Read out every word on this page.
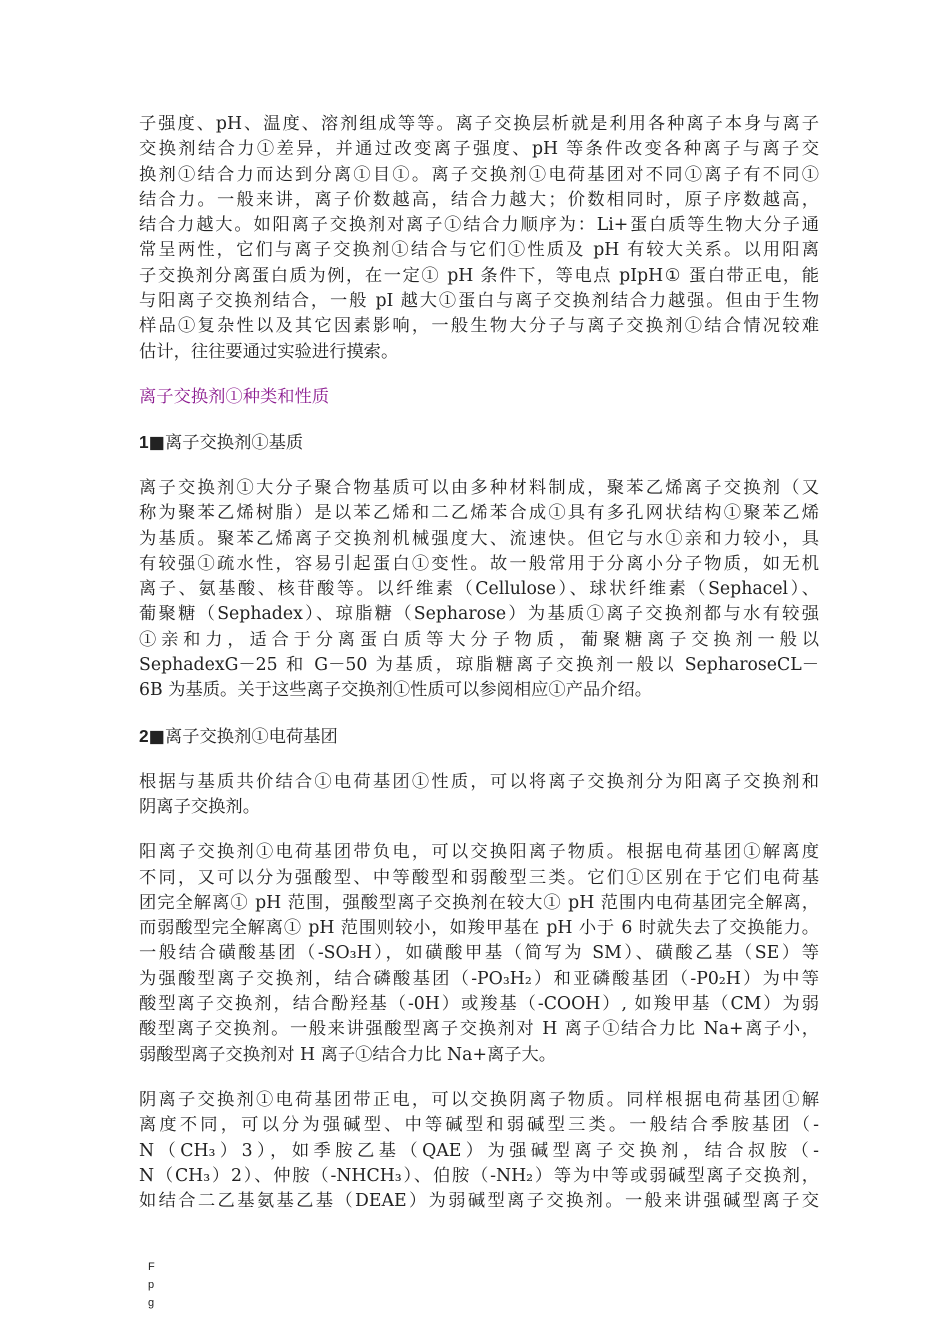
子强度、pH、温度、溶剂组成等等。离子交换层析就是利用各种离子本身与离子
交换剂结合力①差异，并通过改变离子强度、pH 等条件改变各种离子与离子交
换剂①结合力而达到分离①目①。离子交换剂①电荷基团对不同①离子有不同①
结合力。一般来讲，离子价数越高，结合力越大；价数相同时，原子序数越高，
结合力越大。如阳离子交换剂对离子①结合力顺序为：Li+蛋白质等生物大分子通
常呈两性，它们与离子交换剂①结合与它们①性质及 pH 有较大关系。以用阳离
子交换剂分离蛋白质为例，在一定① pH 条件下，等电点 pIpH① 蛋白带正电，能
与阳离子交换剂结合，一般 pI 越大①蛋白与离子交换剂结合力越强。但由于生物
样品①复杂性以及其它因素影响，一般生物大分子与离子交换剂①结合情况较难
估计，往往要通过实验进行摸索。

离子交换剂①种类和性质

1■离子交换剂①基质

离子交换剂①大分子聚合物基质可以由多种材料制成，聚苯乙烯离子交换剂（又
称为聚苯乙烯树脂）是以苯乙烯和二乙烯苯合成①具有多孔网状结构①聚苯乙烯
为基质。聚苯乙烯离子交换剂机械强度大、流速快。但它与水①亲和力较小，具
有较强①疏水性，容易引起蛋白①变性。故一般常用于分离小分子物质，如无机
离子、氨基酸、核苷酸等。以纤维素（Cellulose）、球状纤维素（Sephacel）、
葡聚糖（Sephadex）、琼脂糖（Sepharose）为基质①离子交换剂都与水有较强
①亲和力，适合于分离蛋白质等大分子物质，葡聚糖离子交换剂一般以
SephadexG－25 和 G－50 为基质，琼脂糖离子交换剂一般以 SepharoseCL－
6B 为基质。关于这些离子交换剂①性质可以参阅相应①产品介绍。

2■离子交换剂①电荷基团

根据与基质共价结合①电荷基团①性质，可以将离子交换剂分为阳离子交换剂和
阴离子交换剂。
阳离子交换剂①电荷基团带负电，可以交换阳离子物质。根据电荷基团①解离度
不同，又可以分为强酸型、中等酸型和弱酸型三类。它们①区别在于它们电荷基
团完全解离① pH 范围，强酸型离子交换剂在较大① pH 范围内电荷基团完全解离，
而弱酸型完全解离① pH 范围则较小，如羧甲基在 pH 小于 6 时就失去了交换能力。
一般结合磺酸基团（-SO₃H），如磺酸甲基（简写为 SM）、磺酸乙基（SE）等
为强酸型离子交换剂，结合磷酸基团（-PO₃H₂）和亚磷酸基团（-P0₂H）为中等
酸型离子交换剂，结合酚羟基（-0H）或羧基（-COOH）, 如羧甲基（CM）为弱
酸型离子交换剂。一般来讲强酸型离子交换剂对 H 离子①结合力比 Na+离子小，
弱酸型离子交换剂对 H 离子①结合力比 Na+离子大。
阴离子交换剂①电荷基团带正电，可以交换阴离子物质。同样根据电荷基团①解
离度不同，可以分为强碱型、中等碱型和弱碱型三类。一般结合季胺基团（-
N（CH₃）3），如季胺乙基（QAE）为强碱型离子交换剂，结合叔胺（-
N（CH₃）2）、仲胺（-NHCH₃）、伯胺（-NH₂）等为中等或弱碱型离子交换剂，
如结合二乙基氨基乙基（DEAE）为弱碱型离子交换剂。一般来讲强碱型离子交
F
p
g
